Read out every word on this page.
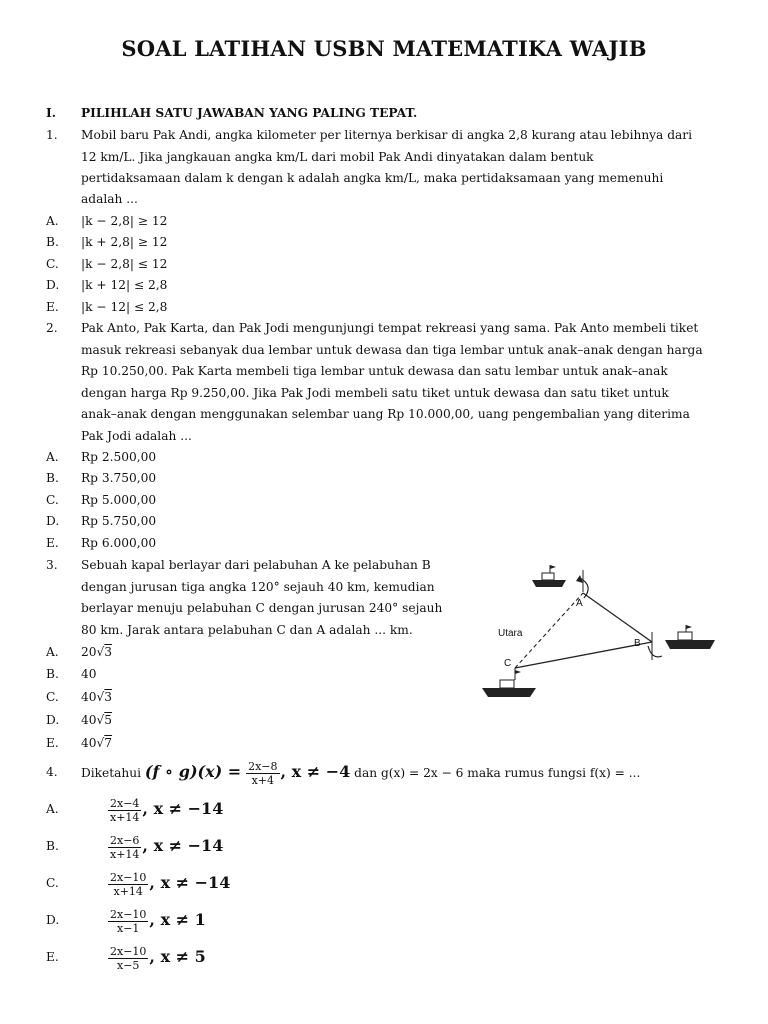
SOAL LATIHAN USBN MATEMATIKA WAJIB
I. PILIHLAH SATU JAWABAN YANG PALING TEPAT.
1. Mobil baru Pak Andi, angka kilometer per liternya berkisar di angka 2,8 kurang atau lebihnya dari
12 km/L. Jika jangkauan angka km/L dari mobil Pak Andi dinyatakan dalam bentuk
pertidaksamaan dalam k dengan k adalah angka km/L, maka pertidaksamaan yang memenuhi
adalah ...
A. |k − 2,8| ≥ 12
B. |k + 2,8| ≥ 12
C. |k − 2,8| ≤ 12
D. |k + 12| ≤ 2,8
E. |k − 12| ≤ 2,8
2. Pak Anto, Pak Karta, dan Pak Jodi mengunjungi tempat rekreasi yang sama. Pak Anto membeli tiket
masuk rekreasi sebanyak dua lembar untuk dewasa dan tiga lembar untuk anak–anak dengan harga
Rp 10.250,00. Pak Karta membeli tiga lembar untuk dewasa dan satu lembar untuk anak–anak
dengan harga Rp 9.250,00. Jika Pak Jodi membeli satu tiket untuk dewasa dan satu tiket untuk
anak–anak dengan menggunakan selembar uang Rp 10.000,00, uang pengembalian yang diterima
Pak Jodi adalah ...
A. Rp 2.500,00
B. Rp 3.750,00
C. Rp 5.000,00
D. Rp 5.750,00
E. Rp 6.000,00
3. Sebuah kapal berlayar dari pelabuhan A ke pelabuhan B
dengan jurusan tiga angka 120° sejauh 40 km, kemudian
berlayar menuju pelabuhan C dengan jurusan 240° sejauh
80 km. Jarak antara pelabuhan C dan A adalah ... km.
A. 20√3
B. 40
C. 40√3
D. 40√5
E. 40√7
A
B
C
Utara
4. Diketahui (f ∘ $g)(x) = \frac{2x-8}{x+4}$ , x ≠ −4 dan g(x) = 2x − 6 maka rumus fungsi f(x) = ...
A.	$\frac{2x-4}{x+14}$ , x ≠ −14
B.	$\frac{2x-6}{x+14}$ , x ≠ −14
C.	$\frac{2x-10}{x+14}$ , x ≠ −14
D.	$\frac{2x-10}{x-1}$ , x ≠ 1
E.	$\frac{2x-10}{x-5}$ , x ≠ 5
